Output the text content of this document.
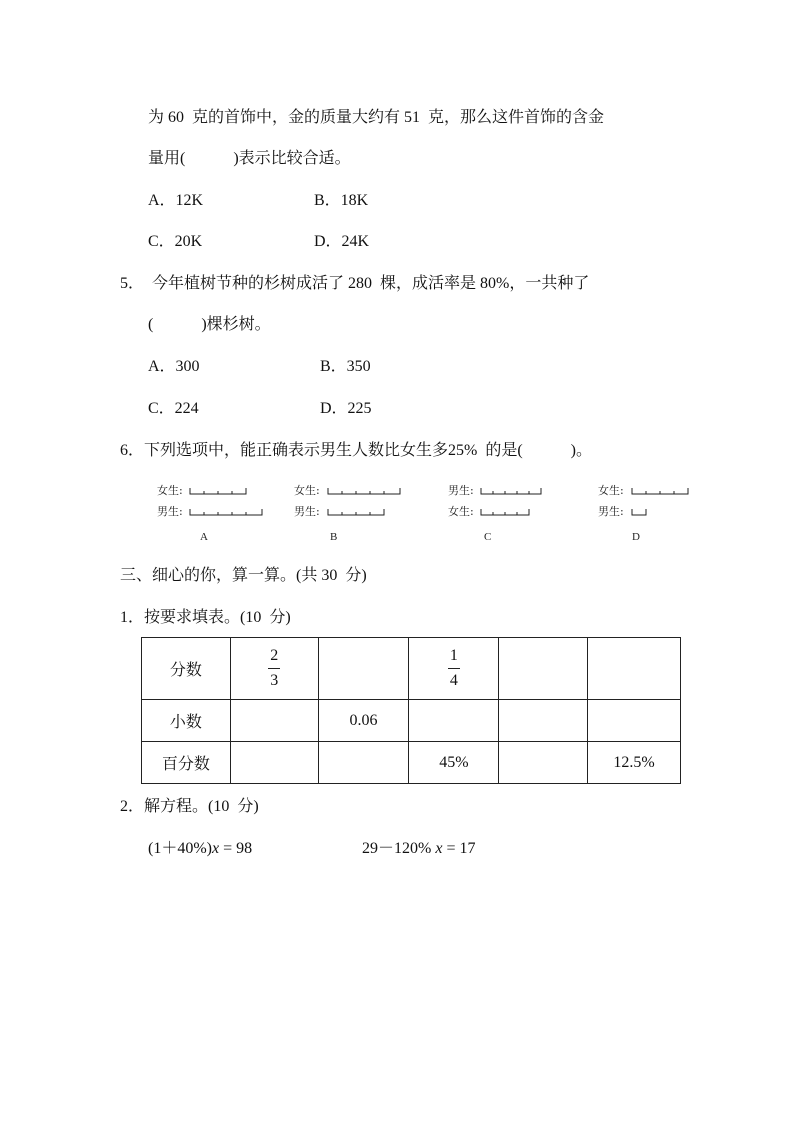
为 60  克的首饰中，金的质量大约有 51  克，那么这件首饰的含金
量用(            )表示比较合适。
A．12K	B．18K
C．20K	D．24K
5．  今年植树节种的杉树成活了 280  棵，成活率是 80%，一共种了
(            )棵杉树。
A．300	B．350
C．224	D．225
6．下列选项中，能正确表示男生人数比女生多25%  的是(            )。
女生:
男生:
A
女生:
男生:
B
男生:
女生:
C
女生:
男生:
D
三、细心的你，算一算。(共 30  分)
1．按要求填表。(10  分)
分数	$\frac{2}{3}$		$\frac{1}{4}$

小数		0.06			
百分数			45%		12.5%
2．解方程。(10  分)
(1＋40%)x = 98	29－120% x = 17
